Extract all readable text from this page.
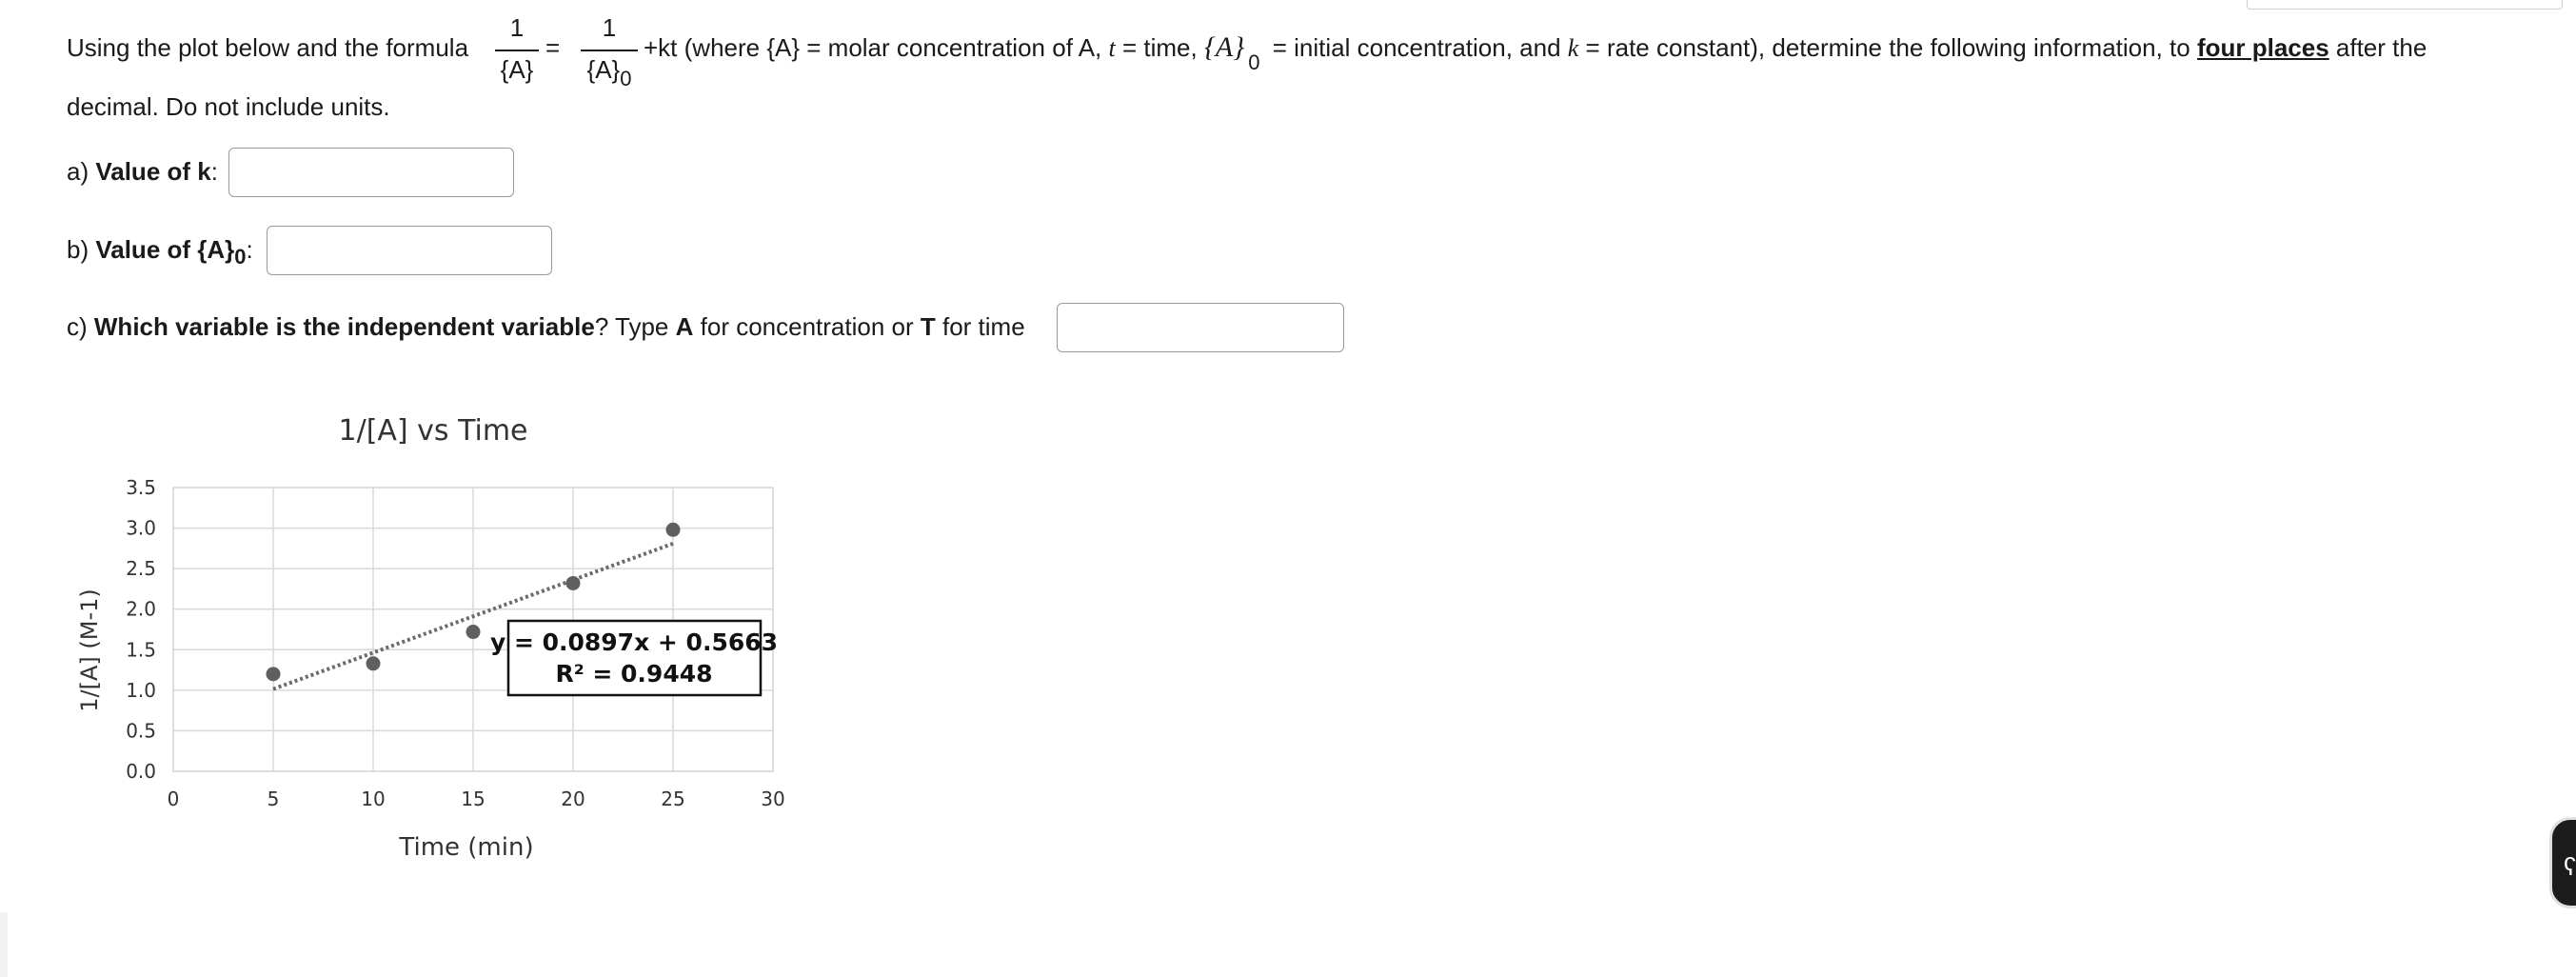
Using the plot below and the formula
1
{A}
=
1
$\{A\}_0$
+kt (where {A} = molar concentration of A, t = time, {A} $_0$ = initial concentration, and k = rate constant), determine the following information, to four places after the
decimal. Do not include units.
a) Value of k:
b) Value of $\{A\}_0$:
c) Which variable is the independent variable? Type A for concentration or T for time
0.0
0.5
1.0
1.5
2.0
2.5
3.0
3.5
0	5	10	15	20	25	30
1/[A] vs Time
Time (min)
1/[A] (M-1)	y = 0.0897x + 0.5663
R² = 0.9448
ʕ
